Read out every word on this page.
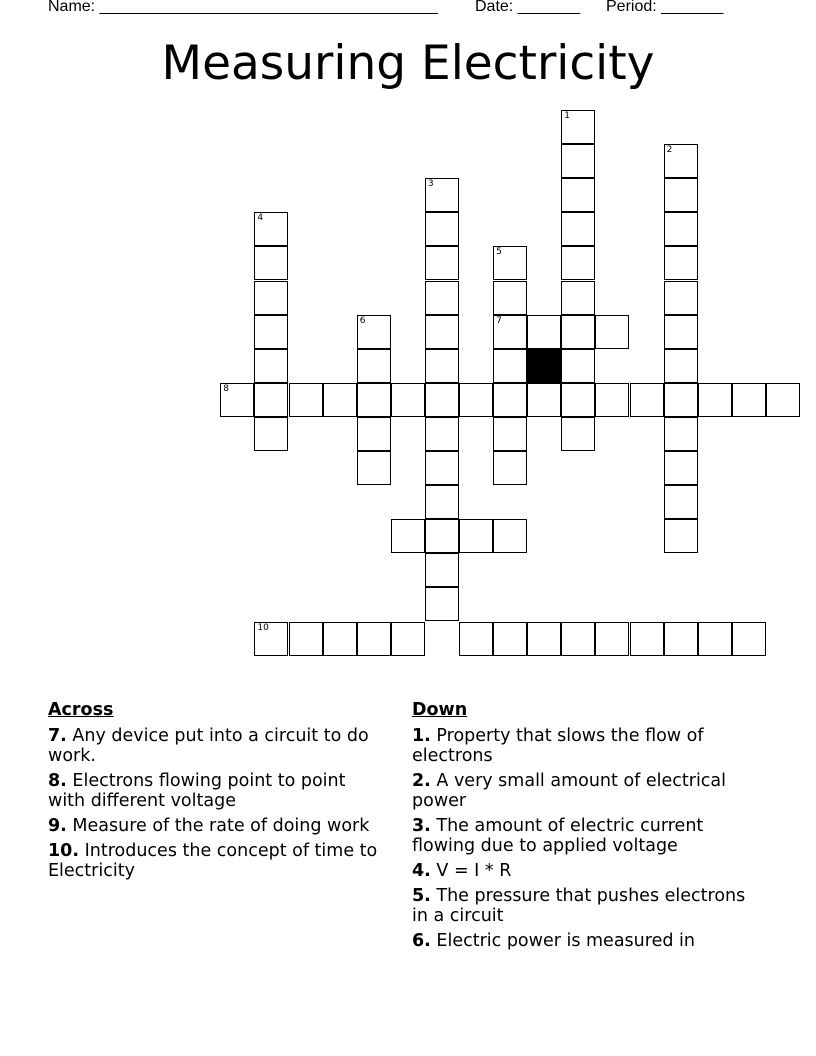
Name: ______________________________________ Date: _______ Period: _______
Measuring Electricity
1
2
3
4
5
7
6
8
10
Across
7. Any device put into a circuit to do work.
8. Electrons flowing point to point with different voltage
9. Measure of the rate of doing work
10. Introduces the concept of time to Electricity
Down
1. Property that slows the flow of electrons
2. A very small amount of electrical power
3. The amount of electric current flowing due to applied voltage
4. V = I * R
5. The pressure that pushes electrons in a circuit
6. Electric power is measured in
